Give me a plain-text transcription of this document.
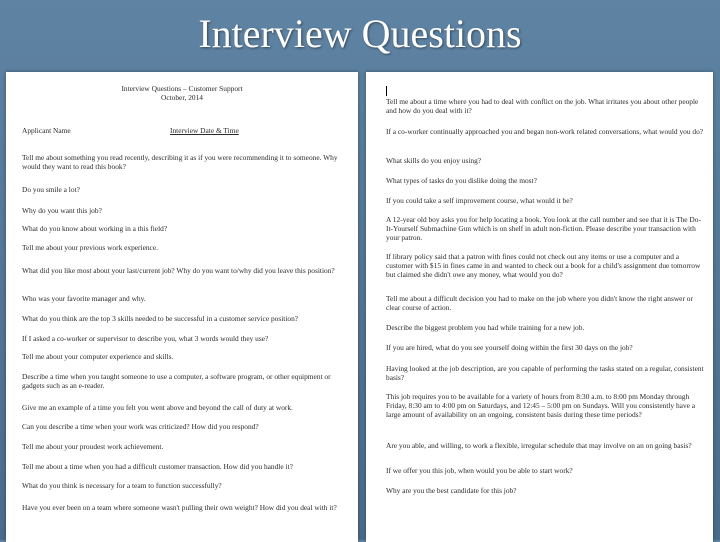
Interview Questions

Interview Questions – Customer Support

October, 2014

Applicant Name	Interview Date & Time

Tell me about something you read recently, describing it as if you were recommending it to someone. Why would they want to read this book?

Do you smile a lot?

Why do you want this job?

What do you know about working in a this field?

Tell me about your previous work experience.

What did you like most about your last/current job? Why do you want to/why did you leave this position?

Who was your favorite manager and why.

What do you think are the top 3 skills needed to be successful in a customer service position?

If I asked a co-worker or supervisor to describe you, what 3 words would they use?

Tell me about your computer experience and skills.

Describe a time when you taught someone to use a computer, a software program, or other equipment or gadgets such as an e-reader.

Give me an example of a time you felt you went above and beyond the call of duty at work.

Can you describe a time when your work was criticized? How did you respond?

Tell me about your proudest work achievement.

Tell me about a time when you had a difficult customer transaction. How did you handle it?

What do you think is necessary for a team to function successfully?

Have you ever been on a team where someone wasn't pulling their own weight? How did you deal with it?

Tell me about a time where you had to deal with conflict on the job. What irritates you about other people and how do you deal with it?

If a co-worker continually approached you and began non-work related conversations, what would you do?

What skills do you enjoy using?

What types of tasks do you dislike doing the most?

If you could take a self improvement course, what would it be?

A 12-year old boy asks you for help locating a book. You look at the call number and see that it is The Do-It-Yourself Submachine Gun which is on shelf in adult non-fiction. Please describe your transaction with your patron.

If library policy said that a patron with fines could not check out any items or use a computer and a customer with $15 in fines came in and wanted to check out a book for a child's assignment due tomorrow but claimed she didn't owe any money, what would you do?

Tell me about a difficult decision you had to make on the job where you didn't know the right answer or clear course of action.

Describe the biggest problem you had while training for a new job.

If you are hired, what do you see yourself doing within the first 30 days on the job?

Having looked at the job description, are you capable of performing the tasks stated on a regular, consistent basis?

This job requires you to be available for a variety of hours from 8:30 a.m. to 8:00 pm Monday through Friday, 8:30 am to 4:00 pm on Saturdays, and 12:45 – 5:00 pm on Sundays. Will you consistently have a large amount of availability on an ongoing, consistent basis during these time periods?

Are you able, and willing, to work a flexible, irregular schedule that may involve on an on going basis?

If we offer you this job, when would you be able to start work?

Why are you the best candidate for this job?
